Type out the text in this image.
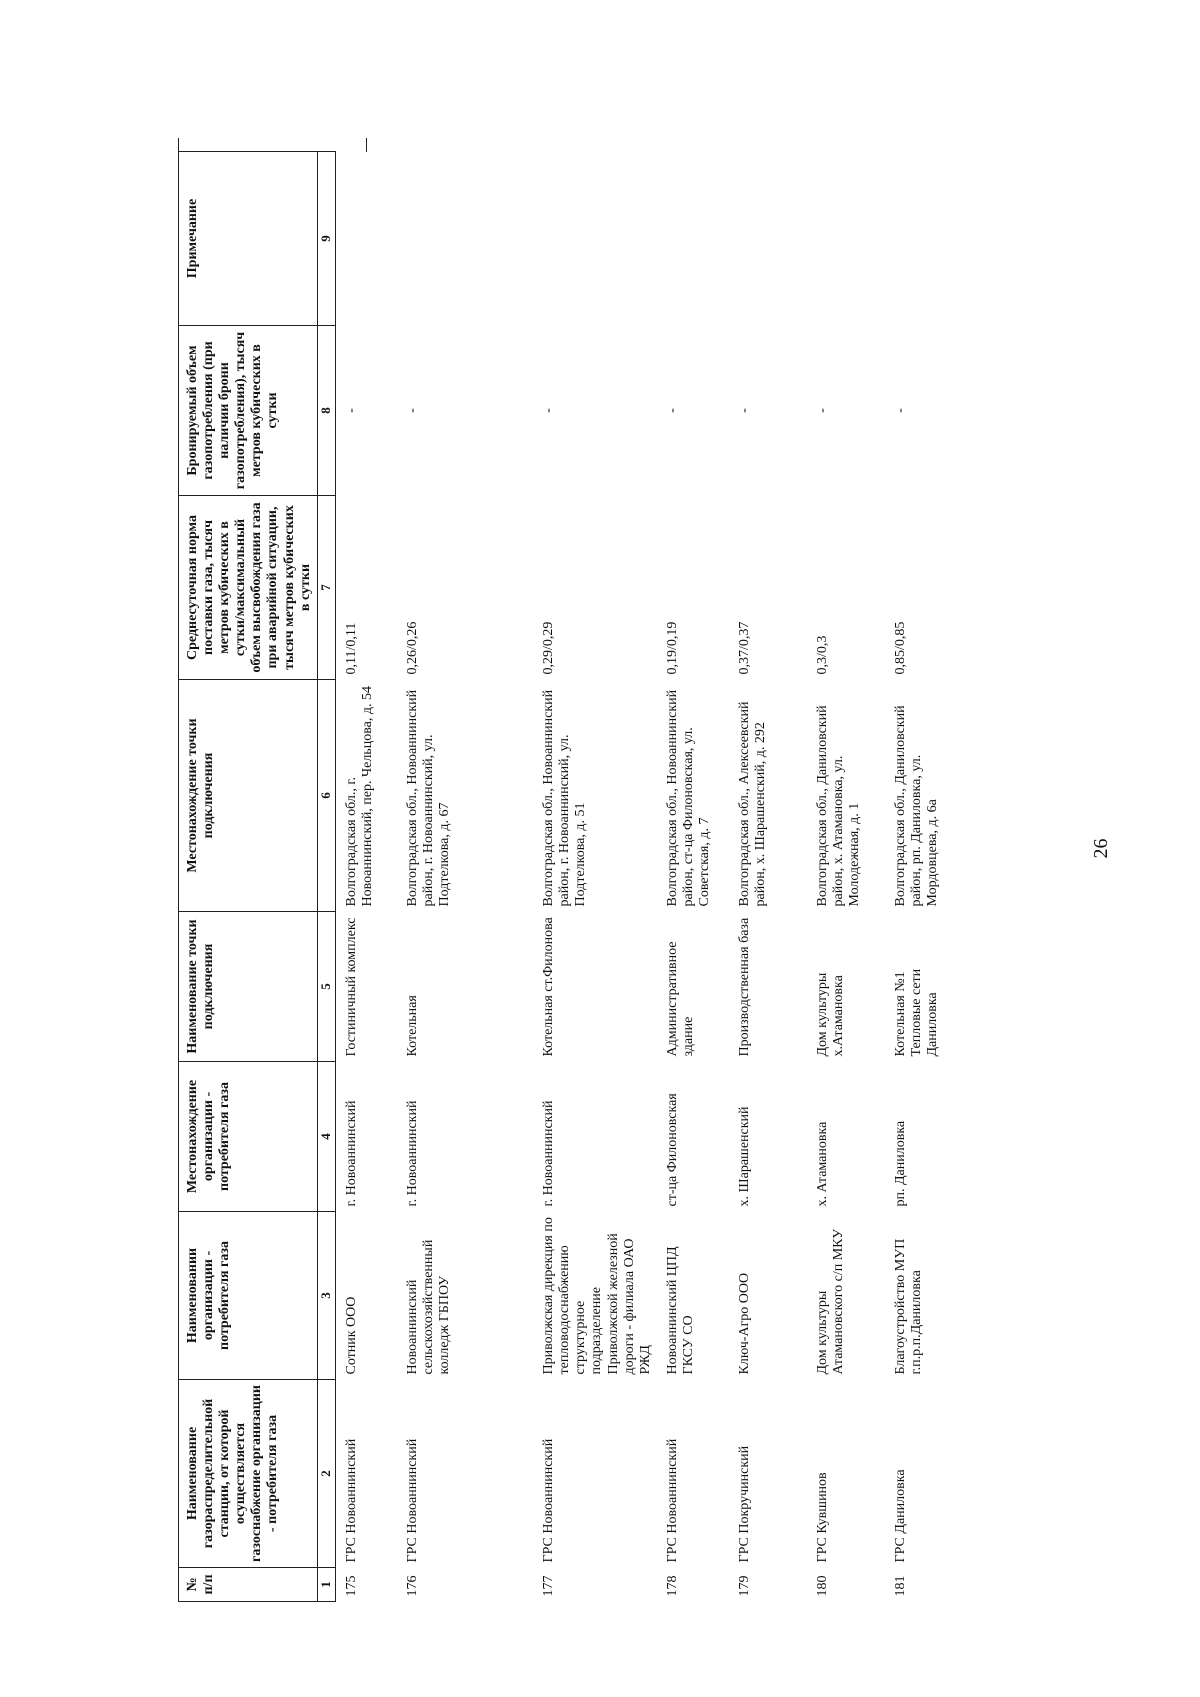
26
№ п/п	Наименование газораспределительной станции, от которой осуществляется газоснабжение организации - потребителя газа	Наименовании организации - потребителя газа	Местонахождение организации - потребителя газа	Наименование точки подключения	Местонахождение точки подключения	Среднесуточная норма поставки газа, тысяч метров кубических в сутки/максимальный объем высвобождения газа при аварийной ситуации, тысяч метров кубических в сутки	Бронируемый объем газопотребления (при наличии брони газопотребления), тысяч метров кубических в сутки	Примечание
1	2	3	4	5	6	7	8	9
175	ГРС Новоаннинский	Сотник ООО	г. Новоаннинский	Гостиничный комплекс	Волгоградская обл., г. Новоаннинский, пер. Чельцова, д. 54	0,11/0,11	-	
176	ГРС Новоаннинский	Новоаннинский сельскохозяйственный колледж ГБПОУ	г. Новоаннинский	Котельная	Волгоградская обл., Новоаннинский район, г. Новоаннинский, ул. Подтелкова, д. 67	0,26/0,26	-	
177	ГРС Новоаннинский	Приволжская дирекция по тепловодоснабжению структурное подразделение Приволжской железной дороги - филиала ОАО РЖД	г. Новоаннинский	Котельная ст.Филонова	Волгоградская обл., Новоаннинский район, г. Новоаннинский, ул. Подтелкова, д. 51	0,29/0,29	-	
178	ГРС Новоаннинский	Новоаннинский ЦПД ГКСУ СО	ст-ца Филоновская	Административное здание	Волгоградская обл., Новоаннинский район, ст-ца Филоновская, ул. Советская, д. 7	0,19/0,19	-	
179	ГРС Покручинский	Ключ-Агро ООО	х. Шарашенский	Производственная база	Волгоградская обл., Алексеевский район, х. Шарашенский, д. 292	0,37/0,37	-	
180	ГРС Кувшинов	Дом культуры Атамановского с/п МКУ	х. Атамановка	Дом культуры х.Атамановка	Волгоградская обл., Даниловский район, х. Атамановка, ул. Молодежная, д. 1	0,3/0,3	-	
181	ГРС Даниловка	Благоустройство МУП г.п.р.п.Даниловка	рп. Даниловка	Котельная №1 Тепловые сети Даниловка	Волгоградская обл., Даниловский район, рп. Даниловка, ул. Мордовцева, д. 6а	0,85/0,85	-	
